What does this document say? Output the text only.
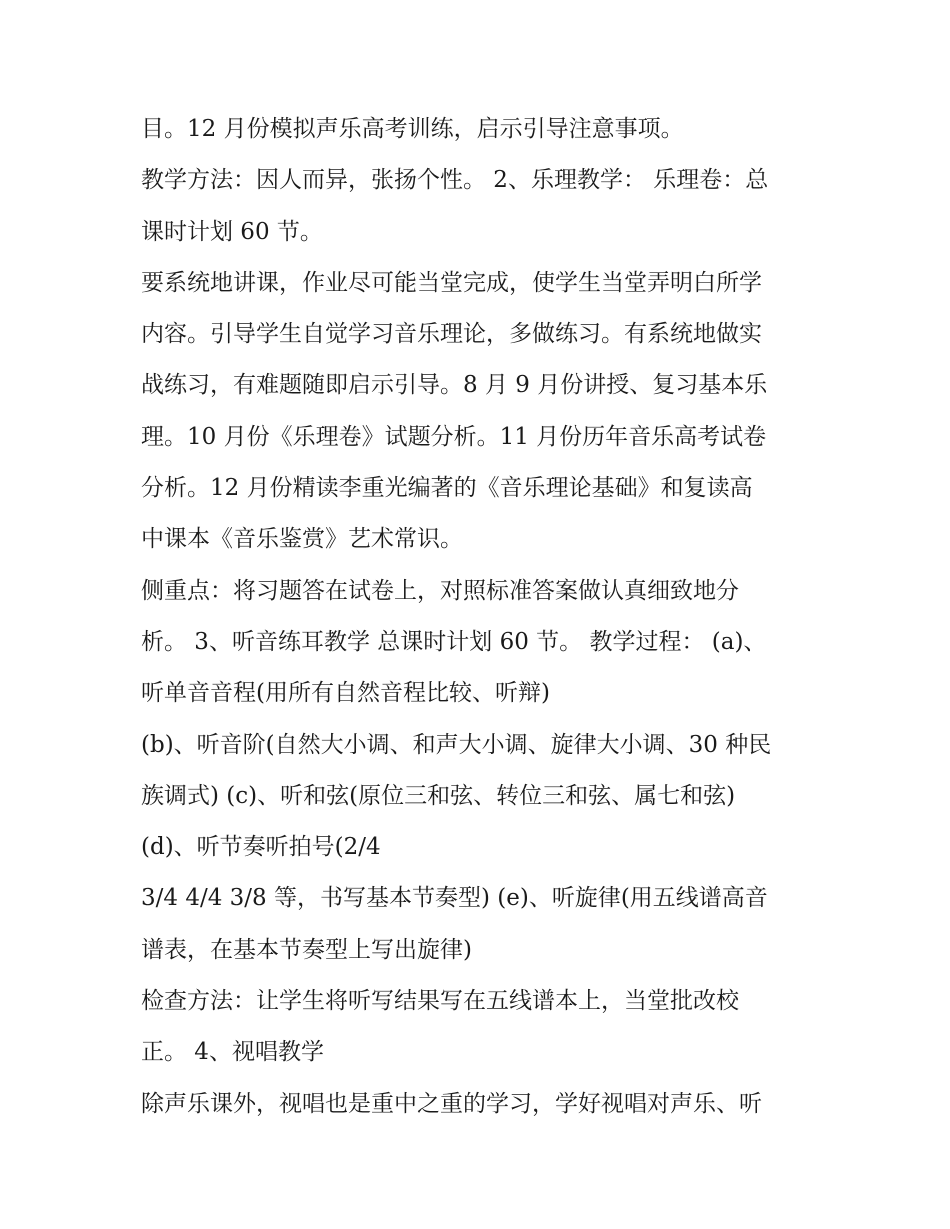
目。12 月份模拟声乐高考训练，启示引导注意事项。
教学方法：因人而异，张扬个性。 2、乐理教学： 乐理卷：总
课时计划 60 节。
要系统地讲课，作业尽可能当堂完成，使学生当堂弄明白所学
内容。引导学生自觉学习音乐理论，多做练习。有系统地做实
战练习，有难题随即启示引导。8 月 9 月份讲授、复习基本乐
理。10 月份《乐理卷》试题分析。11 月份历年音乐高考试卷
分析。12 月份精读李重光编著的《音乐理论基础》和复读高
中课本《音乐鉴赏》艺术常识。
侧重点：将习题答在试卷上，对照标准答案做认真细致地分
析。 3、听音练耳教学 总课时计划 60 节。 教学过程： (a)、
听单音音程(用所有自然音程比较、听辩)
(b)、听音阶(自然大小调、和声大小调、旋律大小调、30 种民
族调式) (c)、听和弦(原位三和弦、转位三和弦、属七和弦)
(d)、听节奏听拍号(2/4
3/4 4/4 3/8 等，书写基本节奏型) (e)、听旋律(用五线谱高音
谱表，在基本节奏型上写出旋律)
检查方法：让学生将听写结果写在五线谱本上，当堂批改校
正。 4、视唱教学
除声乐课外，视唱也是重中之重的学习，学好视唱对声乐、听
